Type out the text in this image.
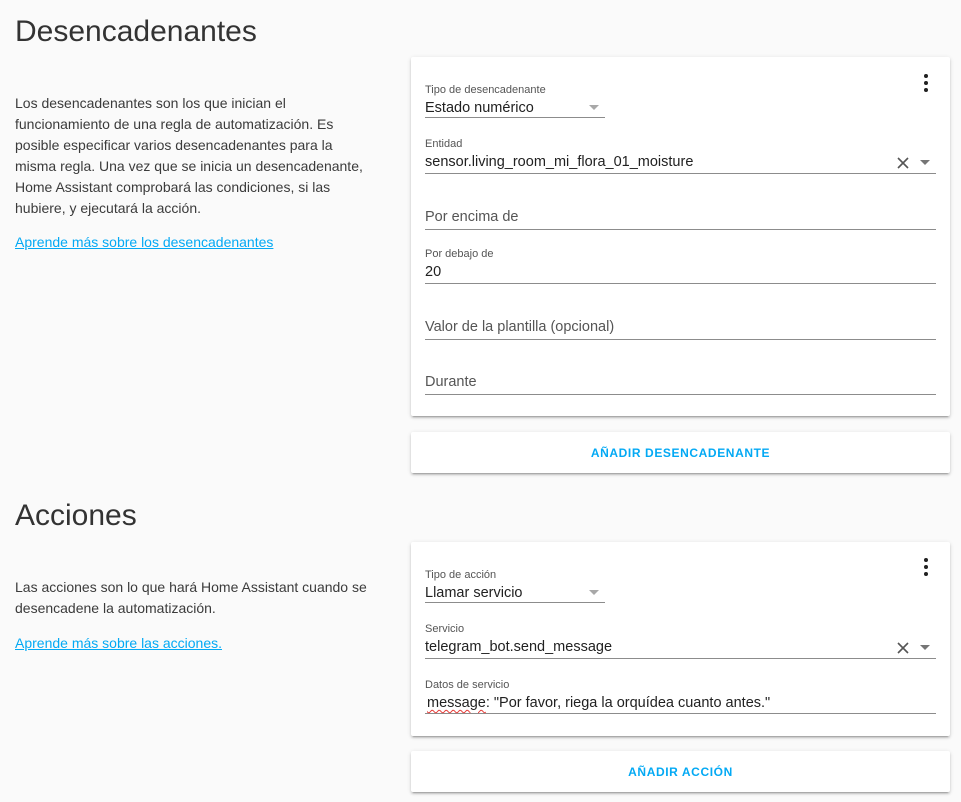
Desencadenantes

Los desencadenantes son los que inician el funcionamiento de una regla de automatización. Es posible especificar varios desencadenantes para la misma regla. Una vez que se inicia un desencadenante, Home Assistant comprobará las condiciones, si las hubiere, y ejecutará la acción.

Aprende más sobre los desencadenantes
Tipo de desencadenante
Estado numérico
Entidad
sensor.living_room_mi_flora_01_moisture
Por encima de
Por debajo de
20
Valor de la plantilla (opcional)
Durante
AÑADIR DESENCADENANTE
Acciones

Las acciones son lo que hará Home Assistant cuando se desencadene la automatización.

Aprende más sobre las acciones.
Tipo de acción
Llamar servicio
Servicio
telegram_bot.send_message
Datos de servicio
message: "Por favor, riega la orquídea cuanto antes."
AÑADIR ACCIÓN
